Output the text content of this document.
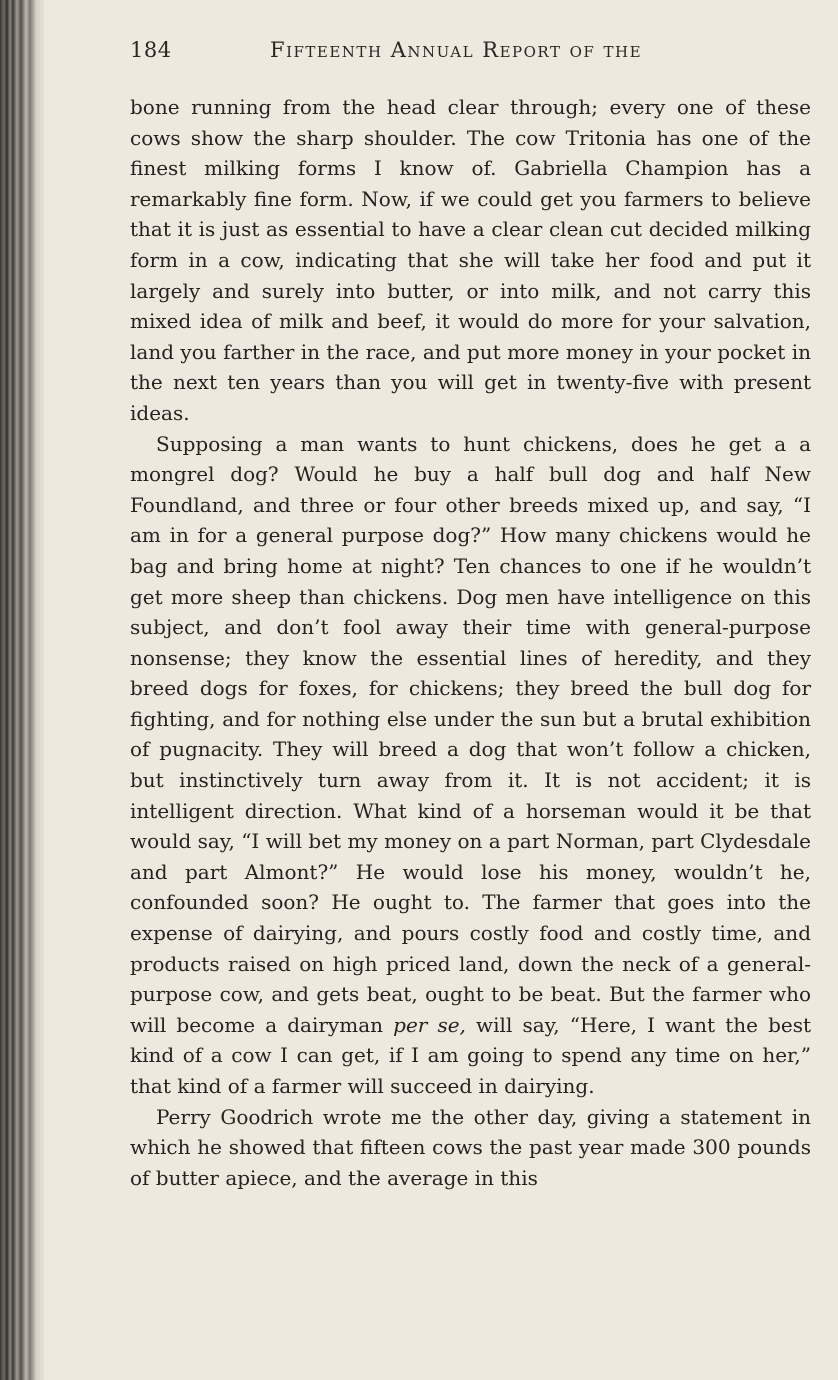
184	Fifteenth Annual Report of the

bone running from the head clear through; every one of these cows show the sharp shoulder. The cow Tritonia has one of the finest milking forms I know of. Gabriella Champion has a remarkably fine form. Now, if we could get you farmers to believe that it is just as essential to have a clear clean cut decided milking form in a cow, indicating that she will take her food and put it largely and surely into butter, or into milk, and not carry this mixed idea of milk and beef, it would do more for your salvation, land you farther in the race, and put more money in your pocket in the next ten years than you will get in twenty-five with present ideas.

Supposing a man wants to hunt chickens, does he get a a mongrel dog? Would he buy a half bull dog and half New Foundland, and three or four other breeds mixed up, and say, “I am in for a general purpose dog?” How many chickens would he bag and bring home at night? Ten chances to one if he wouldn’t get more sheep than chickens. Dog men have intelligence on this subject, and don’t fool away their time with general-purpose nonsense; they know the essential lines of heredity, and they breed dogs for foxes, for chickens; they breed the bull dog for fighting, and for nothing else under the sun but a brutal exhibition of pugnacity. They will breed a dog that won’t follow a chicken, but instinctively turn away from it. It is not accident; it is intelligent direction. What kind of a horseman would it be that would say, “I will bet my money on a part Norman, part Clydesdale and part Almont?” He would lose his money, wouldn’t he, confounded soon? He ought to. The farmer that goes into the expense of dairying, and pours costly food and costly time, and products raised on high priced land, down the neck of a general-purpose cow, and gets beat, ought to be beat. But the farmer who will become a dairyman per se, will say, “Here, I want the best kind of a cow I can get, if I am going to spend any time on her,” that kind of a farmer will succeed in dairying.

Perry Goodrich wrote me the other day, giving a statement in which he showed that fifteen cows the past year made 300 pounds of butter apiece, and the average in this
